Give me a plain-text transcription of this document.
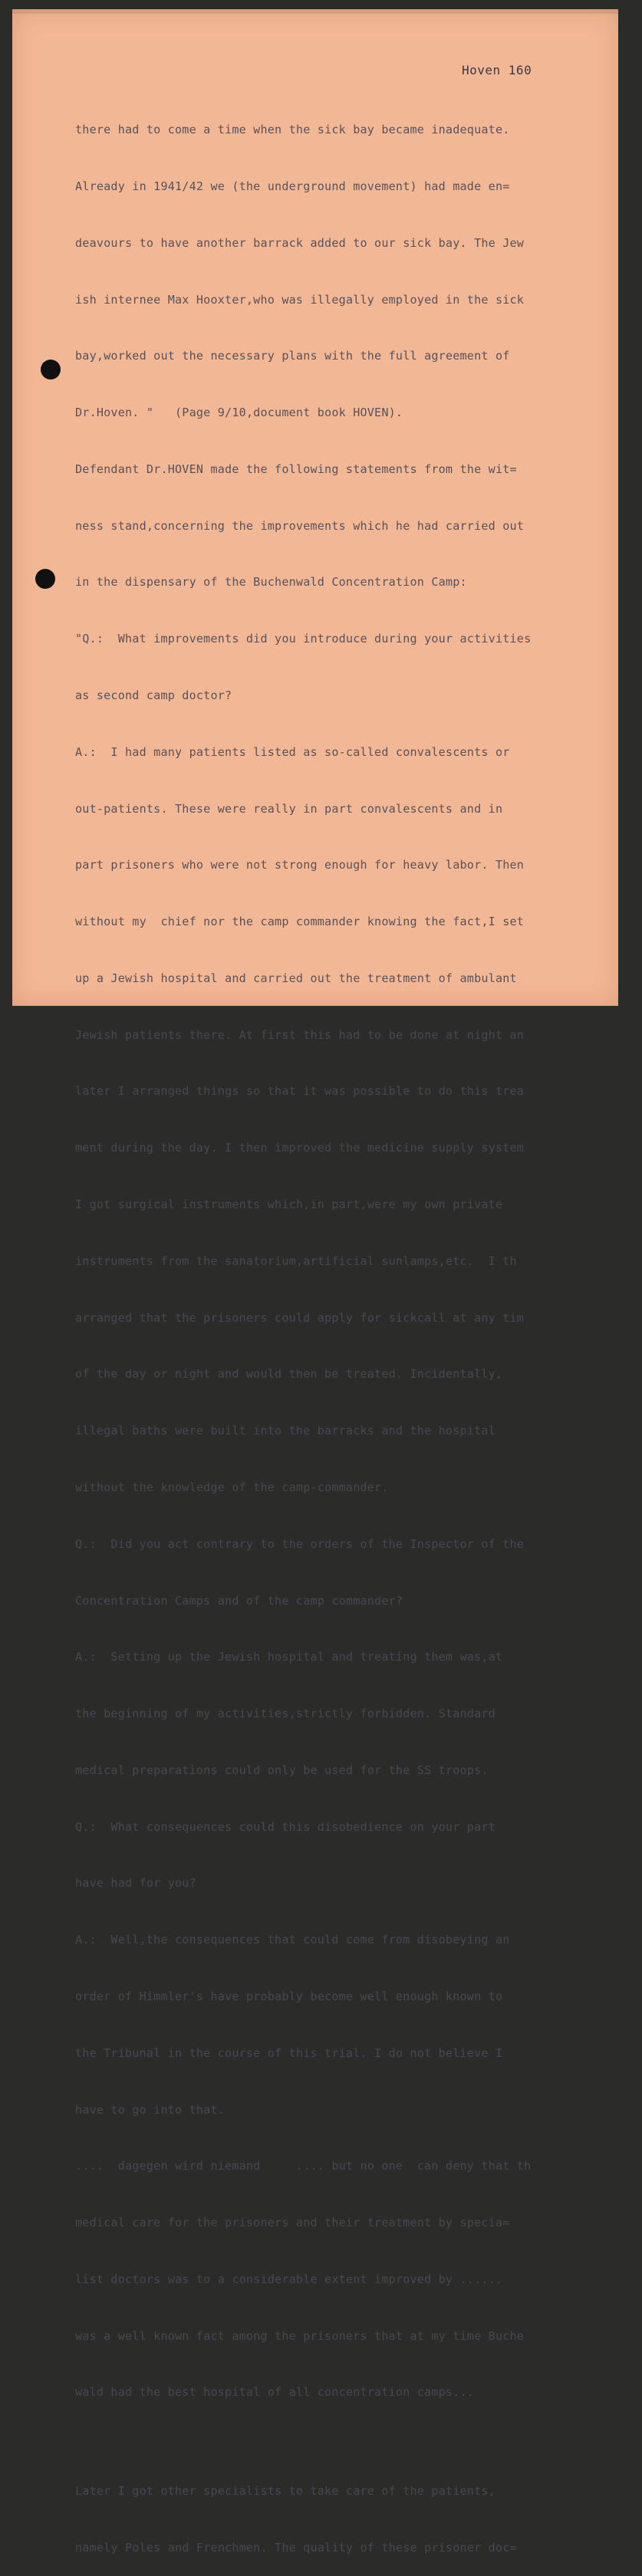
Hoven 160

there had to come a time when the sick bay became inadequate.

Already in 1941/42 we (the underground movement) had made en=

deavours to have another barrack added to our sick bay. The Jew

ish internee Max Hooxter,who was illegally employed in the sick

bay,worked out the necessary plans with the full agreement of

Dr.Hoven. "   (Page 9/10,document book HOVEN).

Defendant Dr.HOVEN made the following statements from the wit=

ness stand,concerning the improvements which he had carried out

in the dispensary of the Buchenwald Concentration Camp:

"Q.:  What improvements did you introduce during your activities

as second camp doctor?

A.:  I had many patients listed as so-called convalescents or

out-patients. These were really in part convalescents and in

part prisoners who were not strong enough for heavy labor. Then

without my  chief nor the camp commander knowing the fact,I set

up a Jewish hospital and carried out the treatment of ambulant

Jewish patients there. At first this had to be done at night an

later I arranged things so that it was possible to do this trea

ment during the day. I then improved the medicine supply system

I got surgical instruments which,in part,were my own private

instruments from the sanatorium,artificial sunlamps,etc.  I th

arranged that the prisoners could apply for sickcall at any tim

of the day or night and would then be treated. Incidentally,

illegal baths were built into the barracks and the hospital

without the knowledge of the camp-commander.

Q.:  Did you act contrary to the orders of the Inspector of the

Concentration Camps and of the camp commander?

A.:  Setting up the Jewish hospital and treating them was,at

the beginning of my activities,strictly forbidden. Standard

medical preparations could only be used for the SS troops.

Q.:  What consequences could this disobedience on your part

have had for you?

A.:  Well,the consequences that could come from disobeying an

order of Himmler's have probably become well enough known to

the Tribunal in the course of this trial. I do not believe I

have to go into that.

....  dagegen wird niemand     .... but no one  can deny that th

medical care for the prisoners and their treatment by specia=

list doctors was to a considerable extent improved by ......

was a well known fact among the prisoners that at my time Buche

wald had the best hospital of all concentration camps...

Later I got other specialists to take care of the patients,

namely Poles and Frenchmen. The quality of these prisoner doc=
